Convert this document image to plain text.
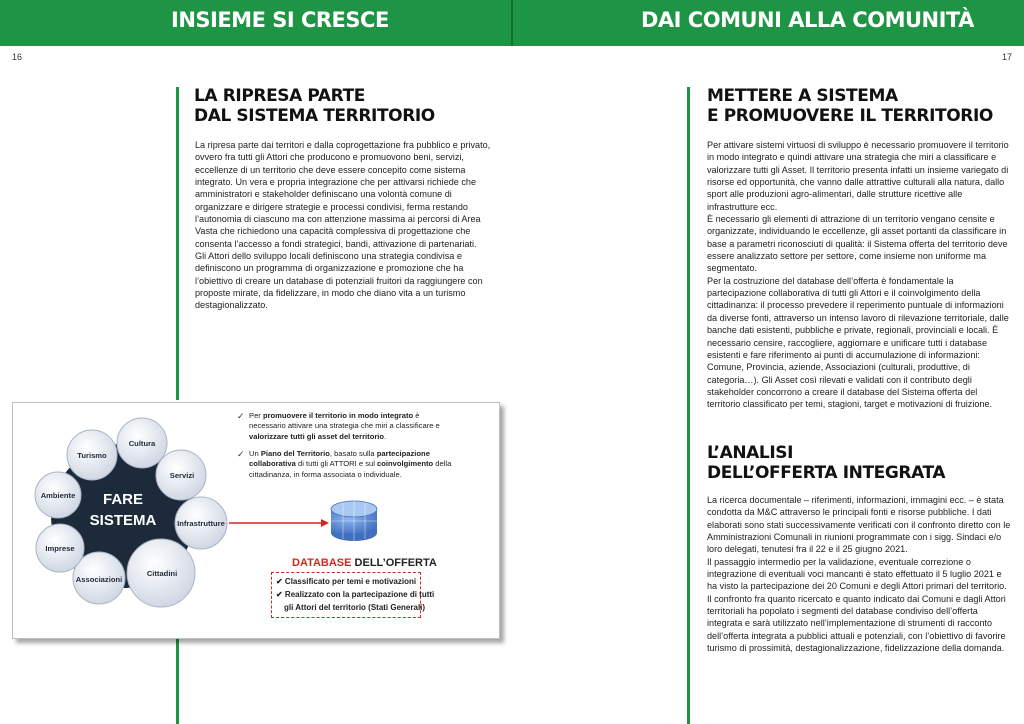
INSIEME SI CRESCE	DAI COMUNI ALLA COMUNITÀ
16	17
LA RIPRESA PARTE
DAL SISTEMA TERRITORIO

La ripresa parte dai territori e dalla coprogettazione fra pubblico e privato, ovvero fra tutti gli Attori che producono e promuovono beni, servizi, eccellenze di un territorio che deve essere concepito come sistema integrato. Un vera e propria integrazione che per attivarsi richiede che amministratori e stakeholder definiscano una volontà comune di organizzare e dirigere strategie e processi condivisi, ferma restando l’autonomia di ciascuno ma con attenzione massima ai percorsi di Area Vasta che richiedono una capacità complessiva di progettazione che consenta l’accesso a fondi strategici, bandi, attivazione di partenariati.

Gli Attori dello sviluppo locali definiscono una strategia condivisa e definiscono un programma di organizzazione e promozione che ha l’obiettivo di creare un database di potenziali fruitori da raggiungere con proposte mirate, da fidelizzare, in modo che diano vita a un turismo destagionalizzato.

FARE
SISTEMA
Cultura
Servizi
Infrastrutture
Cittadini
Associazioni
Imprese
Ambiente
Turismo
✓ Per promuovere il territorio in modo integrato è necessario attivare una strategia che miri a classificare e valorizzare tutti gli asset del territorio.
✓ Un Piano del Territorio, basato sulla partecipazione collaborativa di tutti gli ATTORI e sul coinvolgimento della cittadinanza, in forma associata o individuale.
DATABASE DELL’OFFERTA
✔ Classificato per temi e motivazioni
✔ Realizzato con la partecipazione di tutti
gli Attori del territorio (Stati Generali)
METTERE A SISTEMA
E PROMUOVERE IL TERRITORIO

Per attivare sistemi virtuosi di sviluppo è necessario promuovere il territorio in modo integrato e quindi attivare una strategia che miri a classificare e valorizzare tutti gli Asset. Il territorio presenta infatti un insieme variegato di risorse ed opportunità, che vanno dalle attrattive culturali alla natura, dallo sport alle produzioni agro-alimentari, dalle strutture ricettive alle infrastrutture ecc.

È necessario gli elementi di attrazione di un territorio vengano censite e organizzate, individuando le eccellenze, gli asset portanti da classificare in base a parametri riconosciuti di qualità: il Sistema offerta del territorio deve essere analizzato settore per settore, come insieme non uniforme ma segmentato.

Per la costruzione del database dell’offerta è fondamentale la partecipazione collaborativa di tutti gli Attori e il coinvolgimento della cittadinanza: il processo prevedere il reperimento puntuale di informazioni da diverse fonti, attraverso un intenso lavoro di rilevazione territoriale, dalle banche dati esistenti, pubbliche e private, regionali, provinciali e locali. È necessario censire, raccogliere, aggiornare e unificare tutti i database esistenti e fare riferimento ai punti di accumulazione di informazioni: Comune, Provincia, aziende, Associazioni (culturali, produttive, di categoria…). Gli Asset così rilevati e validati con il contributo degli stakeholder concorrono a creare il database del Sistema offerta del territorio classificato per temi, stagioni, target e motivazioni di fruizione.

L’ANALISI
DELL’OFFERTA INTEGRATA

La ricerca documentale – riferimenti, informazioni, immagini ecc. – è stata condotta da M&C attraverso le principali fonti e risorse pubbliche. I dati elaborati sono stati successivamente verificati con il confronto diretto con le Amministrazioni Comunali in riunioni programmate con i sigg. Sindaci e/o loro delegati, tenutesi fra il 22 e il 25 giugno 2021.

Il passaggio intermedio per la validazione, eventuale correzione o integrazione di eventuali voci mancanti è stato effettuato il 5 luglio 2021 e ha visto la partecipazione dei 20 Comuni e degli Attori primari del territorio.

Il confronto fra quanto ricercato e quanto indicato dai Comuni e dagli Attori territoriali ha popolato i segmenti del database condiviso dell’offerta integrata e sarà utilizzato nell’implementazione di strumenti di racconto dell’offerta integrata a pubblici attuali e potenziali, con l’obiettivo di favorire turismo di prossimità, destagionalizzazione, fidelizzazione della domanda.
